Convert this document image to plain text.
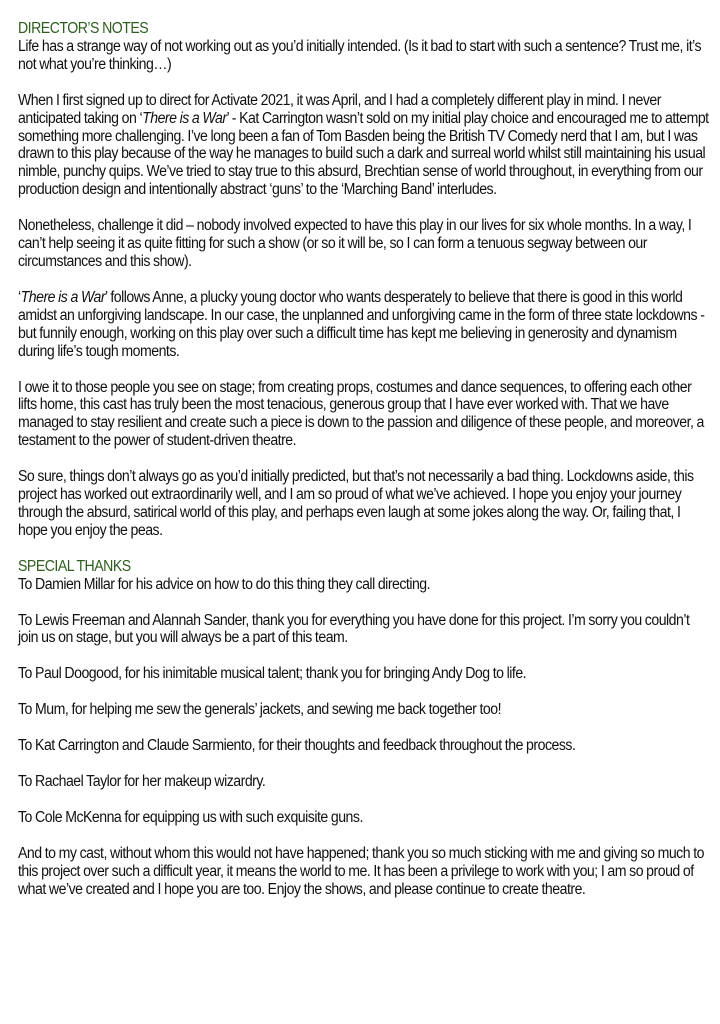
DIRECTOR’S NOTES

Life has a strange way of not working out as you’d initially intended. (Is it bad to start with such a sentence? Trust me, it’s not what you’re thinking…)

When I first signed up to direct for Activate 2021, it was April, and I had a completely different play in mind. I never anticipated taking on ‘There is a War’ - Kat Carrington wasn’t sold on my initial play choice and encouraged me to attempt something more challenging. I’ve long been a fan of Tom Basden being the British TV Comedy nerd that I am, but I was drawn to this play because of the way he manages to build such a dark and surreal world whilst still maintaining his usual nimble, punchy quips. We’ve tried to stay true to this absurd, Brechtian sense of world throughout, in everything from our production design and intentionally abstract ‘guns’ to the ‘Marching Band’ interludes.

Nonetheless, challenge it did – nobody involved expected to have this play in our lives for six whole months. In a way, I can’t help seeing it as quite fitting for such a show (or so it will be, so I can form a tenuous segway between our circumstances and this show).

‘There is a War’ follows Anne, a plucky young doctor who wants desperately to believe that there is good in this world amidst an unforgiving landscape. In our case, the unplanned and unforgiving came in the form of three state lockdowns - but funnily enough, working on this play over such a difficult time has kept me believing in generosity and dynamism during life’s tough moments.

I owe it to those people you see on stage; from creating props, costumes and dance sequences, to offering each other lifts home, this cast has truly been the most tenacious, generous group that I have ever worked with. That we have managed to stay resilient and create such a piece is down to the passion and diligence of these people, and moreover, a testament to the power of student-driven theatre.

So sure, things don’t always go as you’d initially predicted, but that’s not necessarily a bad thing. Lockdowns aside, this project has worked out extraordinarily well, and I am so proud of what we’ve achieved. I hope you enjoy your journey through the absurd, satirical world of this play, and perhaps even laugh at some jokes along the way. Or, failing that, I hope you enjoy the peas.

SPECIAL THANKS

To Damien Millar for his advice on how to do this thing they call directing.

To Lewis Freeman and Alannah Sander, thank you for everything you have done for this project. I’m sorry you couldn’t join us on stage, but you will always be a part of this team.

To Paul Doogood, for his inimitable musical talent; thank you for bringing Andy Dog to life.

To Mum, for helping me sew the generals’ jackets, and sewing me back together too!

To Kat Carrington and Claude Sarmiento, for their thoughts and feedback throughout the process.

To Rachael Taylor for her makeup wizardry.

To Cole McKenna for equipping us with such exquisite guns.

And to my cast, without whom this would not have happened; thank you so much sticking with me and giving so much to this project over such a difficult year, it means the world to me. It has been a privilege to work with you; I am so proud of what we’ve created and I hope you are too. Enjoy the shows, and please continue to create theatre.
